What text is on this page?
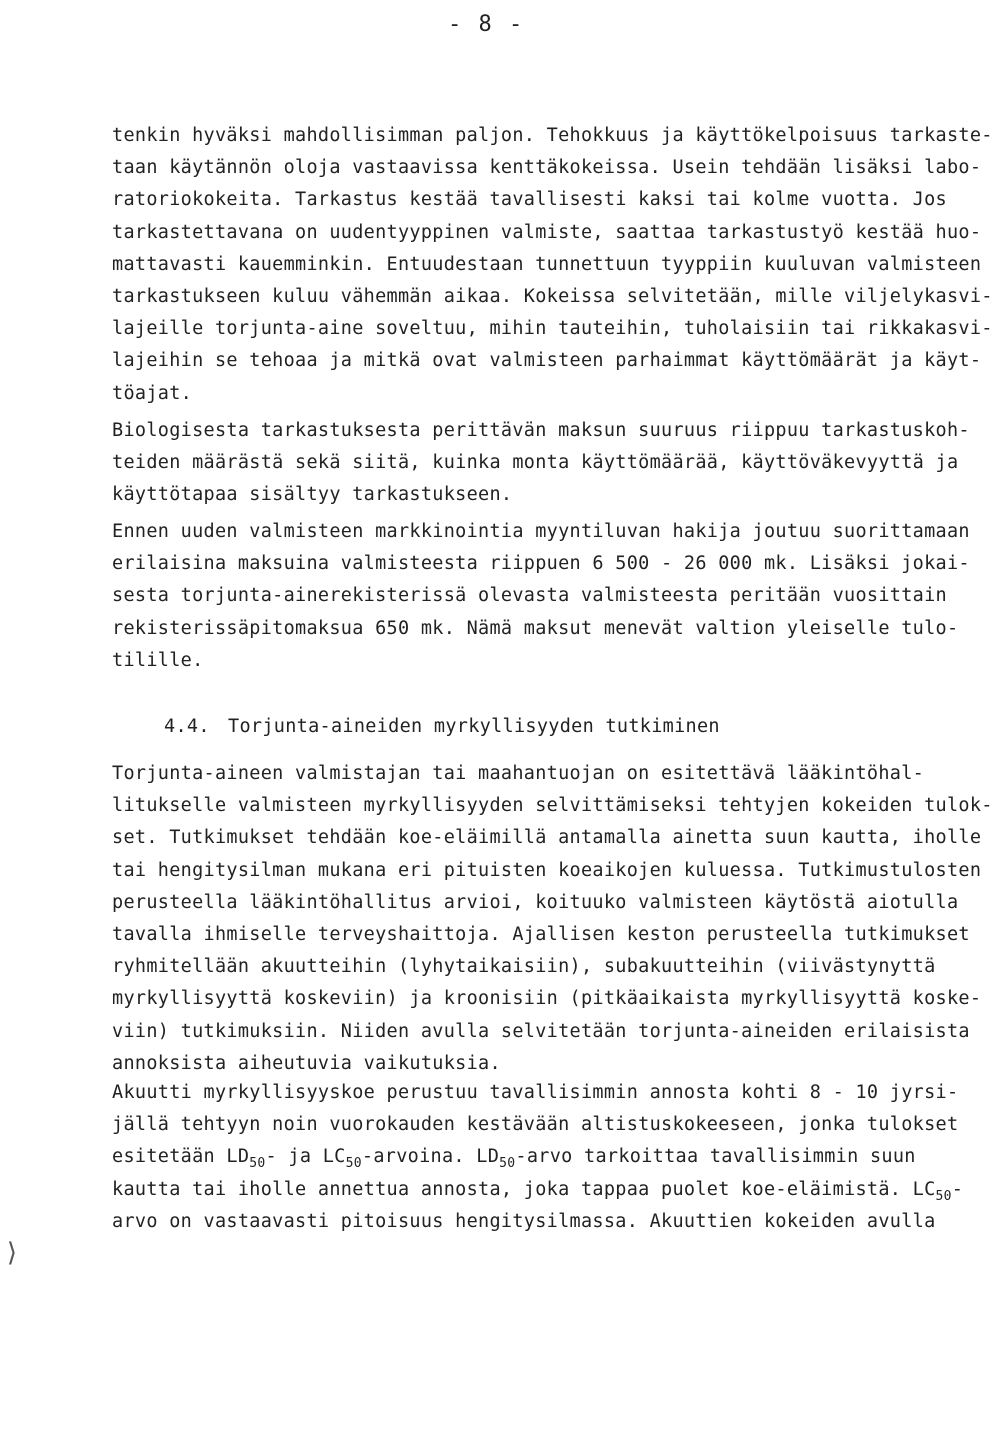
- 8 -
tenkin hyväksi mahdollisimman paljon. Tehokkuus ja käyttökelpoisuus tarkaste-
taan käytännön oloja vastaavissa kenttäkokeissa. Usein tehdään lisäksi labo-
ratoriokokeita. Tarkastus kestää tavallisesti kaksi tai kolme vuotta. Jos
tarkastettavana on uudentyyppinen valmiste, saattaa tarkastustyö kestää huo-
mattavasti kauemminkin. Entuudestaan tunnettuun tyyppiin kuuluvan valmisteen
tarkastukseen kuluu vähemmän aikaa. Kokeissa selvitetään, mille viljelykasvi-
lajeille torjunta-aine soveltuu, mihin tauteihin, tuholaisiin tai rikkakasvi-
lajeihin se tehoaa ja mitkä ovat valmisteen parhaimmat käyttömäärät ja käyt-
töajat.
Biologisesta tarkastuksesta perittävän maksun suuruus riippuu tarkastuskoh-
teiden määrästä sekä siitä, kuinka monta käyttömäärää, käyttöväkevyyttä ja
käyttötapaa sisältyy tarkastukseen.
Ennen uuden valmisteen markkinointia myyntiluvan hakija joutuu suorittamaan
erilaisina maksuina valmisteesta riippuen 6 500 - 26 000 mk. Lisäksi jokai-
sesta torjunta-ainerekisterissä olevasta valmisteesta peritään vuosittain
rekisterissäpitomaksua 650 mk. Nämä maksut menevät valtion yleiselle tulo-
tilille.
4.4. Torjunta-aineiden myrkyllisyyden tutkiminen
Torjunta-aineen valmistajan tai maahantuojan on esitettävä lääkintöhal-
litukselle valmisteen myrkyllisyyden selvittämiseksi tehtyjen kokeiden tulok-
set. Tutkimukset tehdään koe-eläimillä antamalla ainetta suun kautta, iholle
tai hengitysilman mukana eri pituisten koeaikojen kuluessa. Tutkimustulosten
perusteella lääkintöhallitus arvioi, koituuko valmisteen käytöstä aiotulla
tavalla ihmiselle terveyshaittoja. Ajallisen keston perusteella tutkimukset
ryhmitellään akuutteihin (lyhytaikaisiin), subakuutteihin (viivästynyttä
myrkyllisyyttä koskeviin) ja kroonisiin (pitkäaikaista myrkyllisyyttä koske-
viin) tutkimuksiin. Niiden avulla selvitetään torjunta-aineiden erilaisista
annoksista aiheutuvia vaikutuksia.
Akuutti myrkyllisyyskoe perustuu tavallisimmin annosta kohti 8 - 10 jyrsi-
jällä tehtyyn noin vuorokauden kestävään altistuskokeeseen, jonka tulokset
esitetään $LD_{50}-$ ja $LC_{50}$-arvoina. $LD_{50}$-arvo tarkoittaa tavallisimmin suun
kautta tai iholle annettua annosta, joka tappaa puolet koe-eläimistä. $LC_{50}-$
arvo on vastaavasti pitoisuus hengitysilmassa. Akuuttien kokeiden avulla
⟩
